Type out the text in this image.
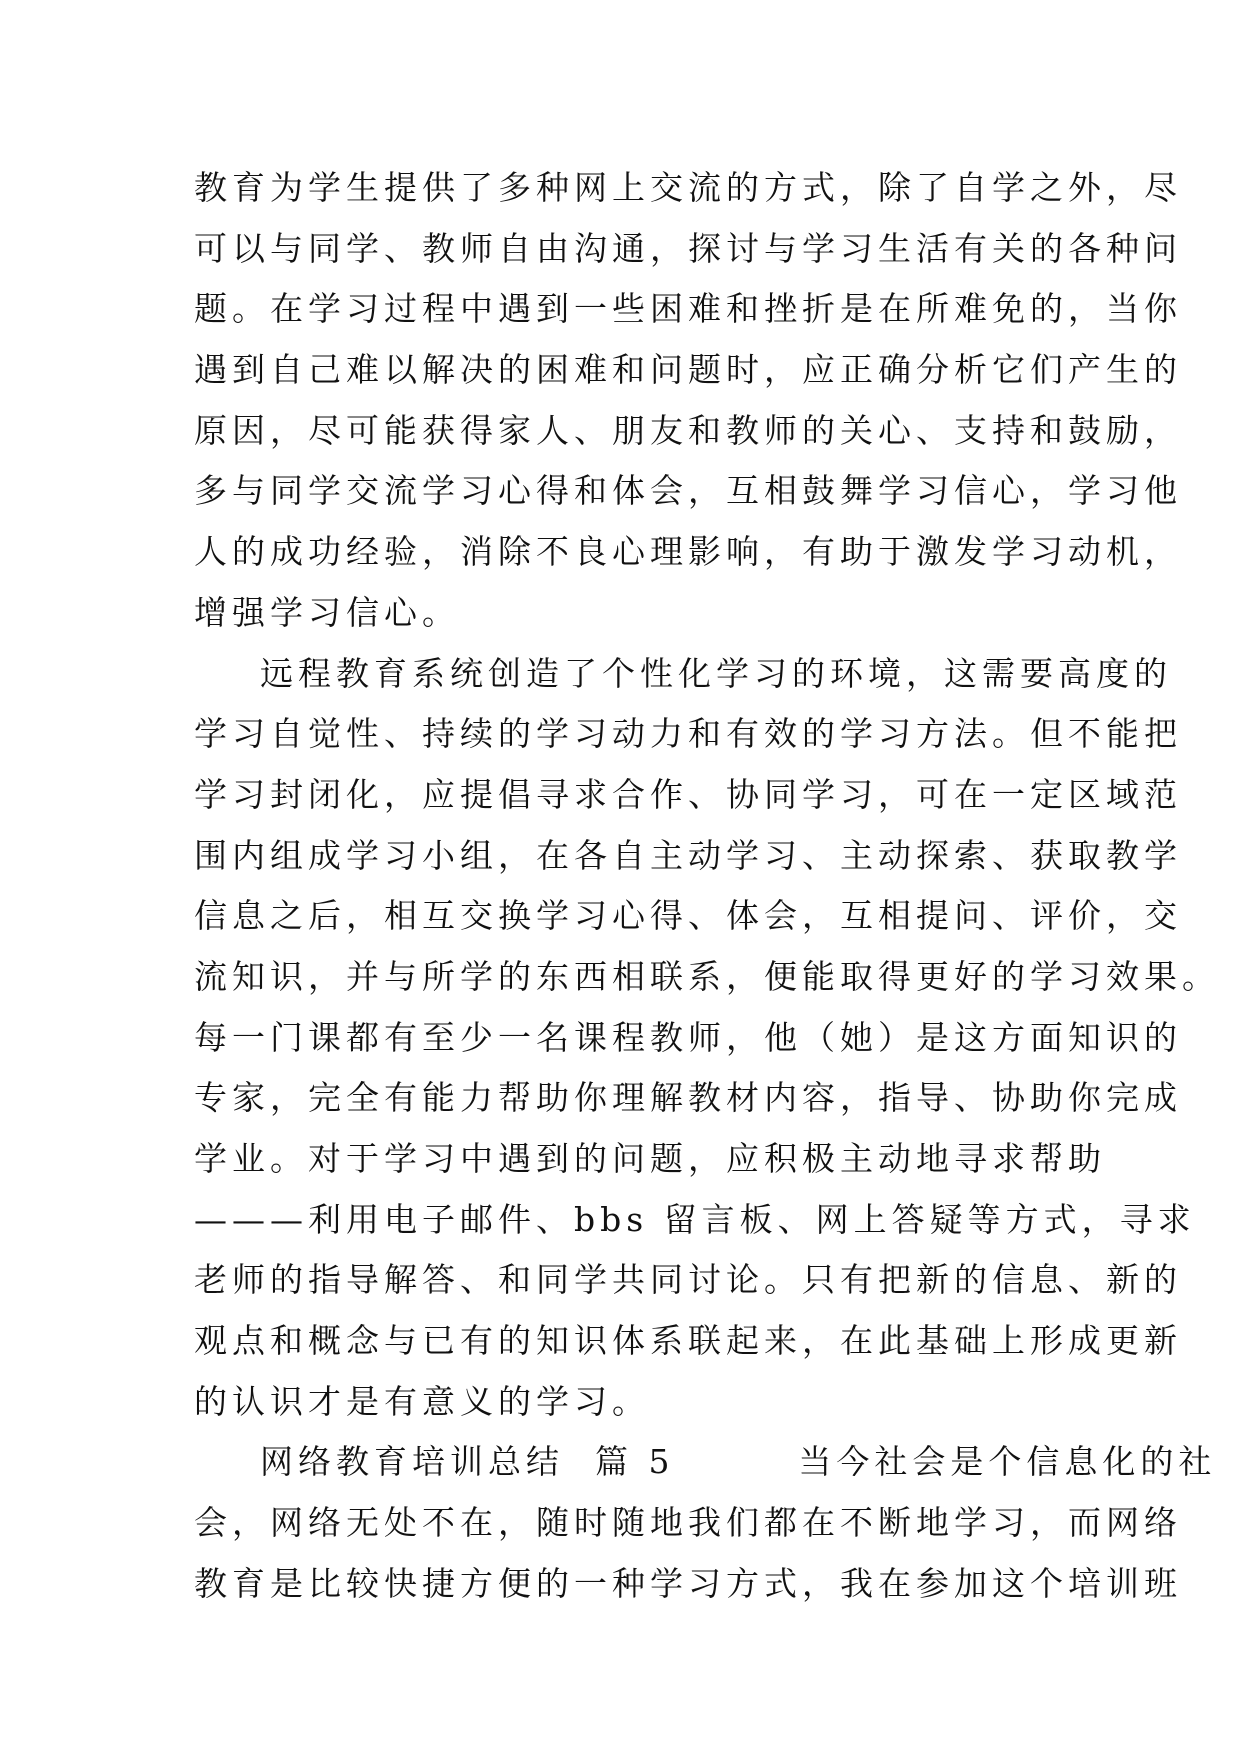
教育为学生提供了多种网上交流的方式，除了自学之外，尽
可以与同学、教师自由沟通，探讨与学习生活有关的各种问
题。在学习过程中遇到一些困难和挫折是在所难免的，当你
遇到自己难以解决的困难和问题时，应正确分析它们产生的
原因，尽可能获得家人、朋友和教师的关心、支持和鼓励，
多与同学交流学习心得和体会，互相鼓舞学习信心，学习他
人的成功经验，消除不良心理影响，有助于激发学习动机，
增强学习信心。
远程教育系统创造了个性化学习的环境，这需要高度的
学习自觉性、持续的学习动力和有效的学习方法。但不能把
学习封闭化，应提倡寻求合作、协同学习，可在一定区域范
围内组成学习小组，在各自主动学习、主动探索、获取教学
信息之后，相互交换学习心得、体会，互相提问、评价，交
流知识，并与所学的东西相联系，便能取得更好的学习效果。
每一门课都有至少一名课程教师，他（她）是这方面知识的
专家，完全有能力帮助你理解教材内容，指导、协助你完成
学业。对于学习中遇到的问题，应积极主动地寻求帮助
———利用电子邮件、bbs 留言板、网上答疑等方式，寻求
老师的指导解答、和同学共同讨论。只有把新的信息、新的
观点和概念与已有的知识体系联起来，在此基础上形成更新
的认识才是有意义的学习。
网络教育培训总结  篇 5        当今社会是个信息化的社
会，网络无处不在，随时随地我们都在不断地学习，而网络
教育是比较快捷方便的一种学习方式，我在参加这个培训班
